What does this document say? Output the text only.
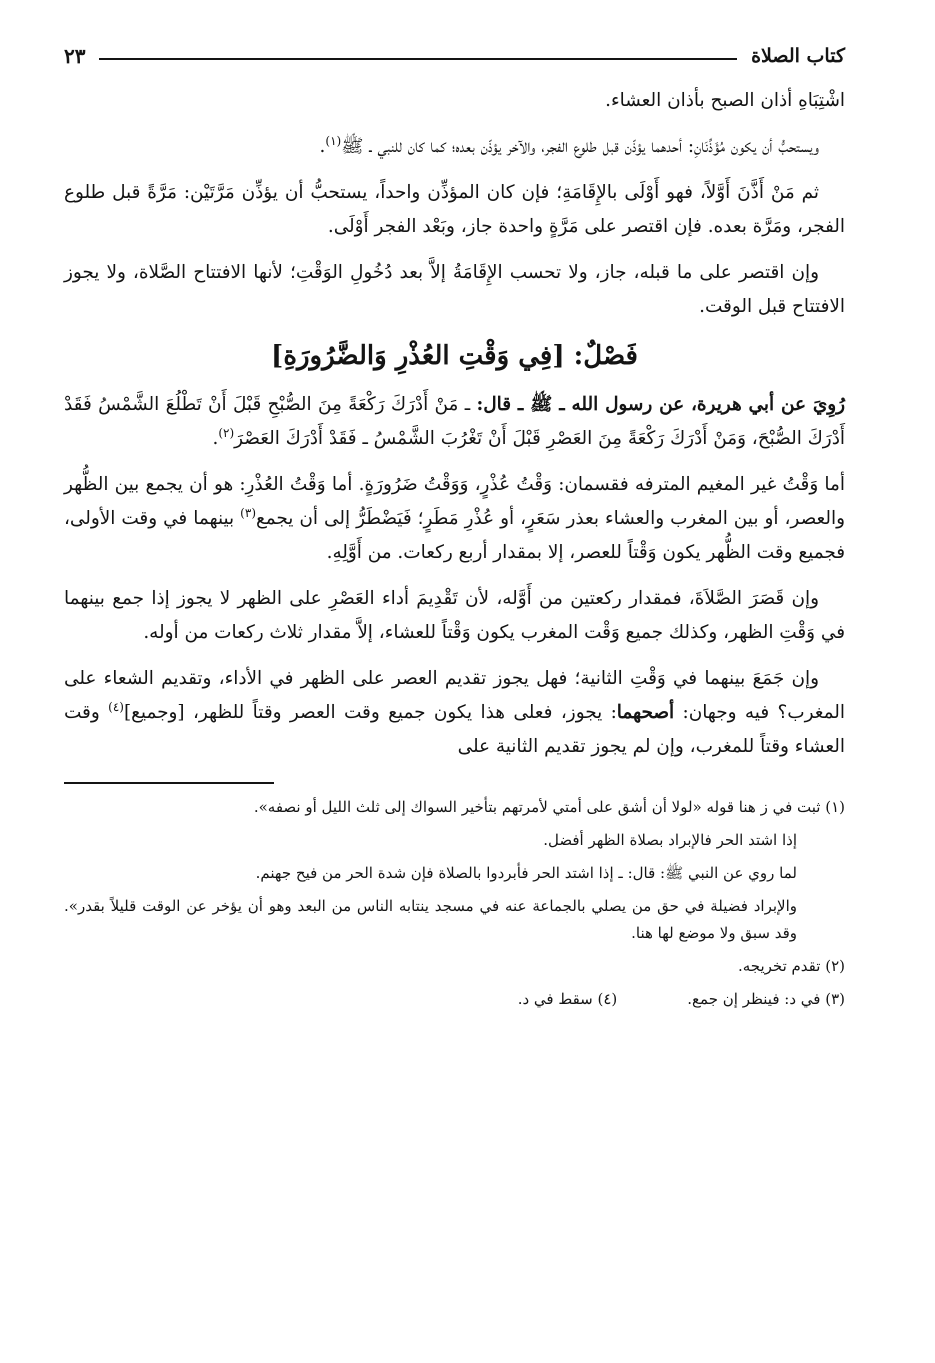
كتاب الصلاة
٢٣

اشْتِبَاهِ أذان الصبح بأذان العشاء.

ويستحبُّ أن يكون مُؤَذِّنَانِ: أحدهما يؤذّن قبل طلوع الفجر، والآخر يؤذّن بعده؛ كما كان للنبي ـ ﷺ$^{(١)}$.

ثم مَنْ أَذَّنَ أَوَّلاً، فهو أَوْلَى بالإِقَامَةِ؛ فإن كان المؤذِّن واحداً، يستحبُّ أن يؤذِّن مَرَّتَيْن: مَرَّةً قبل طلوع الفجر، ومَرَّة بعده. فإن اقتصر على مَرَّةٍ واحدة جاز، وبَعْد الفجر أَوْلَى.

وإن اقتصر على ما قبله، جاز، ولا تحسب الإِقَامَةُ إلاَّ بعد دُخُولِ الوَقْتِ؛ لأنها الافتتاح الصَّلاة، ولا يجوز الافتتاح قبل الوقت.

فَصْلٌ: [فِي وَقْتِ العُذْرِ وَالضَّرُورَةِ]

رُوِيَ عن أبي هريرة، عن رسول الله ـ ﷺ ـ قال: ـ مَنْ أَدْرَكَ رَكْعَةً مِنَ الصُّبْحِ قَبْلَ أَنْ تَطْلُعَ الشَّمْسُ فَقَدْ أَدْرَكَ الصُّبْحَ، وَمَنْ أَدْرَكَ رَكْعَةً مِنَ العَصْرِ قَبْلَ أَنْ تَغْرُبَ الشَّمْسُ ـ فَقَدْ أَدْرَكَ العَصْرَ$^{(٢)}$.

أما وَقْتُ غير المغيم المترفه فقسمان: وَقْتُ عُذْرٍ، وَوَقْتُ ضَرُورَةٍ. أما وَقْتُ العُذْرِ: هو أن يجمع بين الظُّهر والعصر، أو بين المغرب والعشاء بعذر سَعَرٍ، أو عُذْرِ مَطَرٍ؛ فَيَضْطَرُّ إلى أن يجمع$^{(٣)}$ بينهما في وقت الأولى، فجميع وقت الظُّهر يكون وَقْتاً للعصر، إلا بمقدار أربع ركعات. من أَوَّلِهِ.

وإن قَصَرَ الصَّلاَةَ، فمقدار ركعتين من أَوَّله، لأن تَقْدِيمَ أداء العَصْرِ على الظهر لا يجوز إذا جمع بينهما في وَقْتِ الظهر، وكذلك جميع وَقْت المغرب يكون وَقْتاً للعشاء، إلاَّ مقدار ثلاث ركعات من أوله.

وإن جَمَعَ بينهما في وَقْتِ الثانية؛ فهل يجوز تقديم العصر على الظهر في الأداء، وتقديم الشعاء على المغرب؟ فيه وجهان: أصحهما: يجوز، فعلى هذا يكون جميع وقت العصر وقتاً للظهر، [وجميع]$^{(٤)}$ وقت العشاء وقتاً للمغرب، وإن لم يجوز تقديم الثانية على

(١) ثبت في ز هنا قوله «لولا أن أشق على أمتي لأمرتهم بتأخير السواك إلى ثلث الليل أو نصفه».

إذا اشتد الحر فالإبراد بصلاة الظهر أفضل.

لما روي عن النبي ﷺ: قال: ـ إذا اشتد الحر فأبردوا بالصلاة فإن شدة الحر من فيح جهنم.

والإبراد فضيلة في حق من يصلي بالجماعة عنه في مسجد ينتابه الناس من البعد وهو أن يؤخر عن الوقت قليلاً بقدر». وقد سبق ولا موضع لها هنا.

(٢) تقدم تخريجه.

(٣) في د: فينظر إن جمع.
(٤) سقط في د.
